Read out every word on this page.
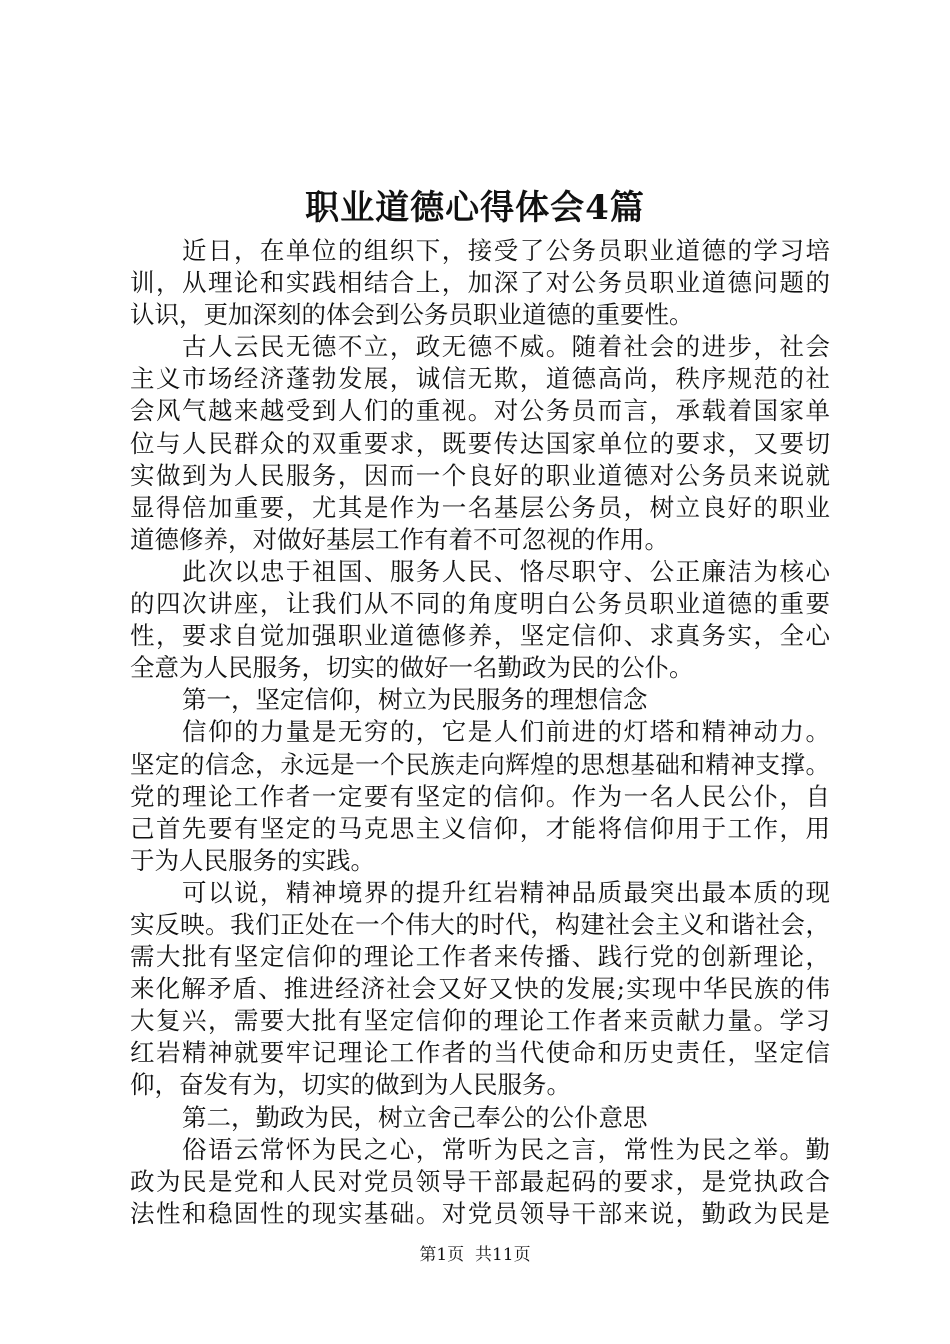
职业道德心得体会4篇
近日，在单位的组织下，接受了公务员职业道德的学习培
训，从理论和实践相结合上，加深了对公务员职业道德问题的
认识，更加深刻的体会到公务员职业道德的重要性。
古人云民无德不立，政无德不威。随着社会的进步，社会
主义市场经济蓬勃发展，诚信无欺，道德高尚，秩序规范的社
会风气越来越受到人们的重视。对公务员而言，承载着国家单
位与人民群众的双重要求，既要传达国家单位的要求，又要切
实做到为人民服务，因而一个良好的职业道德对公务员来说就
显得倍加重要，尤其是作为一名基层公务员，树立良好的职业
道德修养，对做好基层工作有着不可忽视的作用。
此次以忠于祖国、服务人民、恪尽职守、公正廉洁为核心
的四次讲座，让我们从不同的角度明白公务员职业道德的重要
性，要求自觉加强职业道德修养，坚定信仰、求真务实，全心
全意为人民服务，切实的做好一名勤政为民的公仆。
第一，坚定信仰，树立为民服务的理想信念
信仰的力量是无穷的，它是人们前进的灯塔和精神动力。
坚定的信念，永远是一个民族走向辉煌的思想基础和精神支撑。
党的理论工作者一定要有坚定的信仰。作为一名人民公仆，自
己首先要有坚定的马克思主义信仰，才能将信仰用于工作，用
于为人民服务的实践。
可以说，精神境界的提升红岩精神品质最突出最本质的现
实反映。我们正处在一个伟大的时代，构建社会主义和谐社会，
需大批有坚定信仰的理论工作者来传播、践行党的创新理论，
来化解矛盾、推进经济社会又好又快的发展;实现中华民族的伟
大复兴，需要大批有坚定信仰的理论工作者来贡献力量。学习
红岩精神就要牢记理论工作者的当代使命和历史责任，坚定信
仰，奋发有为，切实的做到为人民服务。
第二，勤政为民，树立舍己奉公的公仆意思
俗语云常怀为民之心，常听为民之言，常性为民之举。勤
政为民是党和人民对党员领导干部最起码的要求，是党执政合
法性和稳固性的现实基础。对党员领导干部来说，勤政为民是
第1页  共11页
